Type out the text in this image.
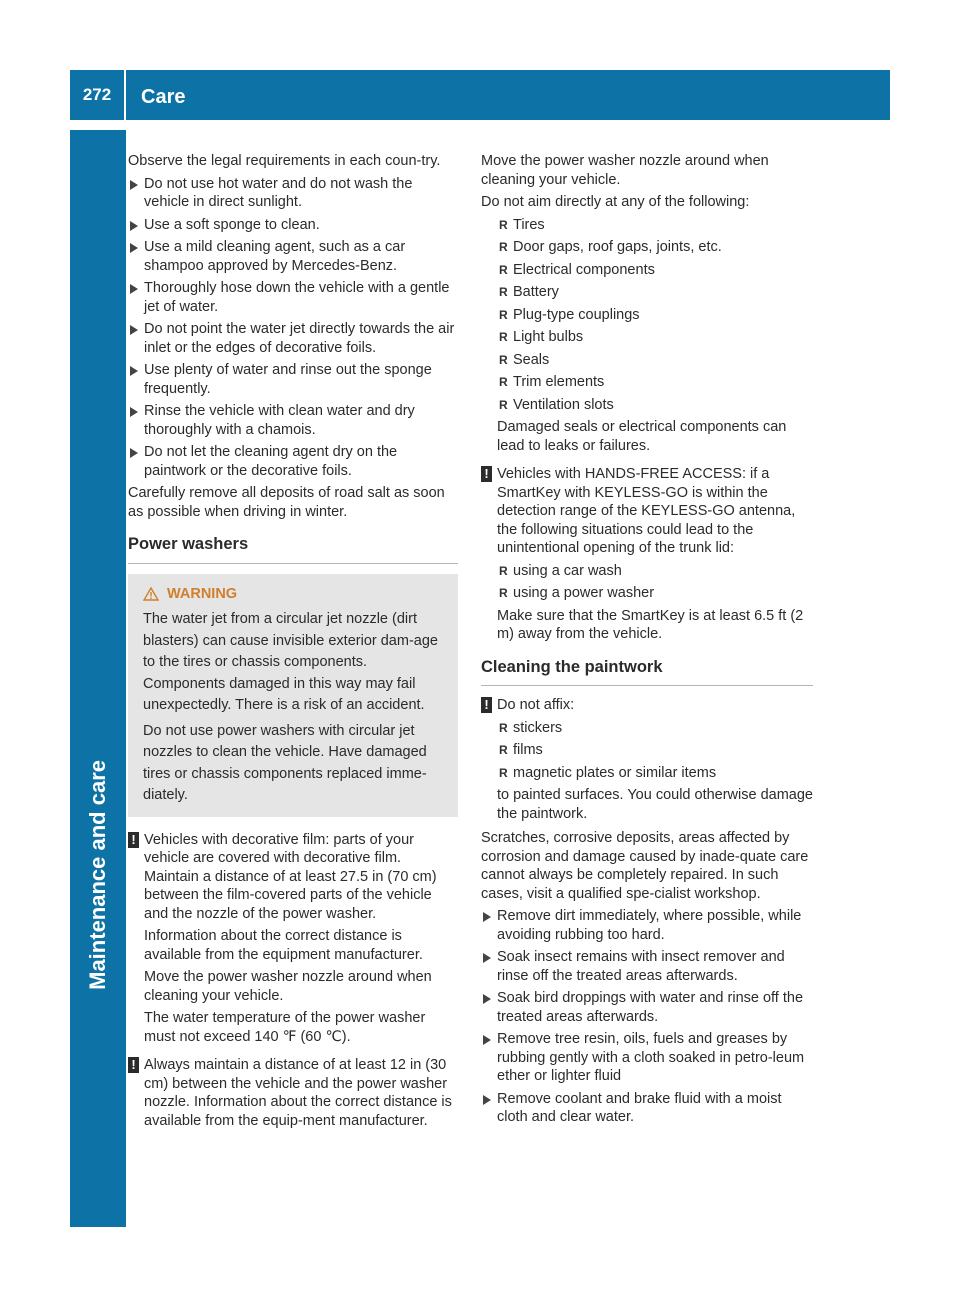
272	Care
Maintenance and care

Observe the legal requirements in each coun-try.

Do not use hot water and do not wash the vehicle in direct sunlight.
Use a soft sponge to clean.
Use a mild cleaning agent, such as a car shampoo approved by Mercedes-Benz.
Thoroughly hose down the vehicle with a gentle jet of water.
Do not point the water jet directly towards the air inlet or the edges of decorative foils.
Use plenty of water and rinse out the sponge frequently.
Rinse the vehicle with clean water and dry thoroughly with a chamois.
Do not let the cleaning agent dry on the paintwork or the decorative foils.

Carefully remove all deposits of road salt as soon as possible when driving in winter.

Power washers
WARNING
The water jet from a circular jet nozzle (dirt blasters) can cause invisible exterior dam-age to the tires or chassis components. Components damaged in this way may fail unexpectedly. There is a risk of an accident.
Do not use power washers with circular jet nozzles to clean the vehicle. Have damaged tires or chassis components replaced imme-diately.
! Vehicles with decorative film: parts of your vehicle are covered with decorative film. Maintain a distance of at least 27.5 in (70 cm) between the film-covered parts of the vehicle and the nozzle of the power washer.

Information about the correct distance is available from the equipment manufacturer.

Move the power washer nozzle around when cleaning your vehicle.

The water temperature of the power washer must not exceed 140 ℉ (60 ℃).

! Always maintain a distance of at least 12 in (30 cm) between the vehicle and the power washer nozzle. Information about the correct distance is available from the equip-ment manufacturer.

Move the power washer nozzle around when cleaning your vehicle.

Do not aim directly at any of the following:

R Tires
R Door gaps, roof gaps, joints, etc.
R Electrical components
R Battery
R Plug-type couplings
R Light bulbs
R Seals
R Trim elements
R Ventilation slots

Damaged seals or electrical components can lead to leaks or failures.

! Vehicles with HANDS-FREE ACCESS: if a SmartKey with KEYLESS-GO is within the detection range of the KEYLESS-GO antenna, the following situations could lead to the unintentional opening of the trunk lid:

R using a car wash
R using a power washer

Make sure that the SmartKey is at least 6.5 ft (2 m) away from the vehicle.

Cleaning the paintwork
! Do not affix:

R stickers
R films
R magnetic plates or similar items

to painted surfaces. You could otherwise damage the paintwork.

Scratches, corrosive deposits, areas affected by corrosion and damage caused by inade-quate care cannot always be completely repaired. In such cases, visit a qualified spe-cialist workshop.

Remove dirt immediately, where possible, while avoiding rubbing too hard.
Soak insect remains with insect remover and rinse off the treated areas afterwards.
Soak bird droppings with water and rinse off the treated areas afterwards.
Remove tree resin, oils, fuels and greases by rubbing gently with a cloth soaked in petro-leum ether or lighter fluid
Remove coolant and brake fluid with a moist cloth and clear water.
